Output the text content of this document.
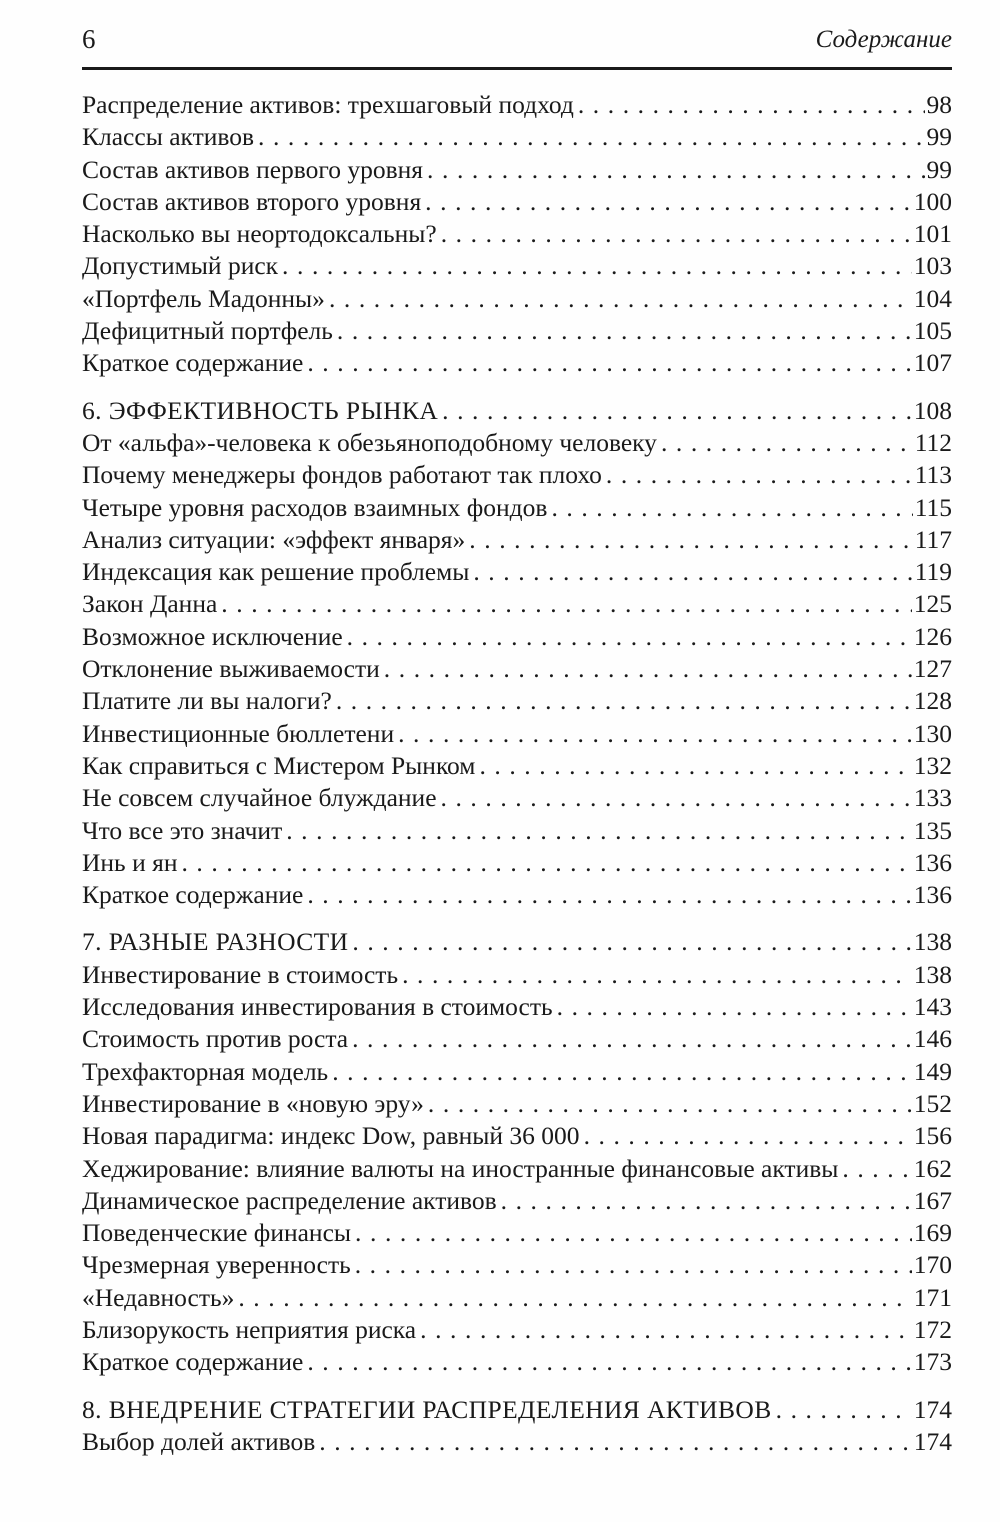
6	Содержание
Распределение активов: трехшаговый подход . . .	98
Классы активов . . .	99
Состав активов первого уровня . . .	99
Состав активов второго уровня . . .	100
Насколько вы неортодоксальны? . . .	101
Допустимый риск . . .	103
«Портфель Мадонны» . . .	104
Дефицитный портфель . . .	105
Краткое содержание . . .	107
6. ЭФФЕКТИВНОСТЬ РЫНКА . . .	108
От «альфа»-человека к обезьяноподобному человеку . . .	112
Почему менеджеры фондов работают так плохо . . .	113
Четыре уровня расходов взаимных фондов . . .	115
Анализ ситуации: «эффект января» . . .	117
Индексация как решение проблемы . . .	119
Закон Данна . . .	125
Возможное исключение . . .	126
Отклонение выживаемости . . .	127
Платите ли вы налоги? . . .	128
Инвестиционные бюллетени . . .	130
Как справиться с Мистером Рынком . . .	132
Не совсем случайное блуждание . . .	133
Что все это значит . . .	135
Инь и ян . . .	136
Краткое содержание . . .	136
7. РАЗНЫЕ РАЗНОСТИ . . .	138
Инвестирование в стоимость . . .	138
Исследования инвестирования в стоимость . . .	143
Стоимость против роста . . .	146
Трехфакторная модель . . .	149
Инвестирование в «новую эру» . . .	152
Новая парадигма: индекс Dow, равный 36 000 . . .	156
Хеджирование: влияние валюты на иностранные финансовые активы . . .	162
Динамическое распределение активов . . .	167
Поведенческие финансы . . .	169
Чрезмерная уверенность . . .	170
«Недавность» . . .	171
Близорукость неприятия риска . . .	172
Краткое содержание . . .	173
8. ВНЕДРЕНИЕ СТРАТЕГИИ РАСПРЕДЕЛЕНИЯ АКТИВОВ . . .	174
Выбор долей активов . . .	174
